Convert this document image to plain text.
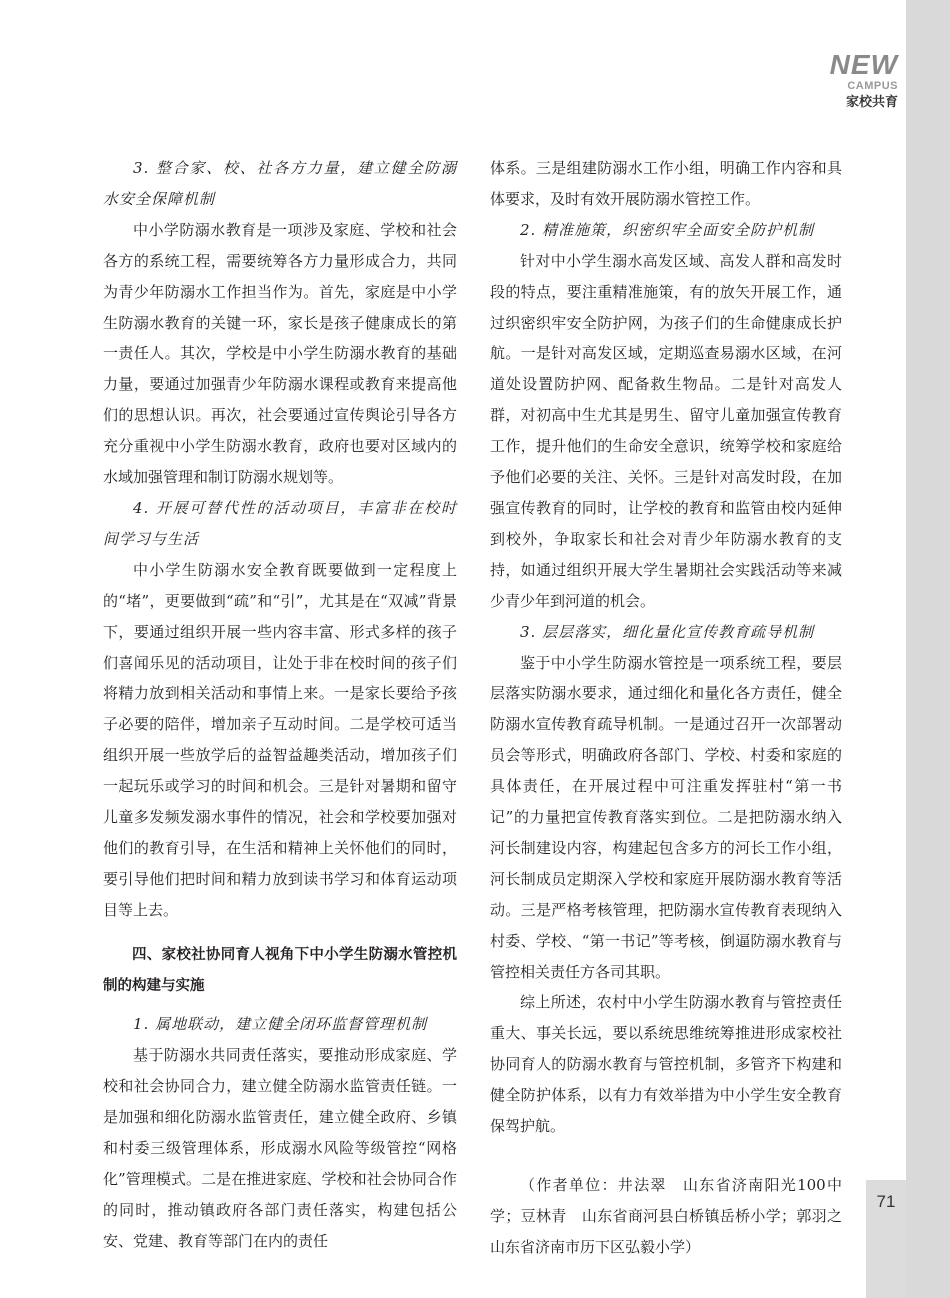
NEW
CAMPUS
家校共育

3. 整合家、校、社各方力量，建立健全防溺水安全保障机制

中小学防溺水教育是一项涉及家庭、学校和社会各方的系统工程，需要统筹各方力量形成合力，共同为青少年防溺水工作担当作为。首先，家庭是中小学生防溺水教育的关键一环，家长是孩子健康成长的第一责任人。其次，学校是中小学生防溺水教育的基础力量，要通过加强青少年防溺水课程或教育来提高他们的思想认识。再次，社会要通过宣传舆论引导各方充分重视中小学生防溺水教育，政府也要对区域内的水域加强管理和制订防溺水规划等。

4. 开展可替代性的活动项目，丰富非在校时间学习与生活

中小学生防溺水安全教育既要做到一定程度上的“堵”，更要做到“疏”和“引”，尤其是在“双减”背景下，要通过组织开展一些内容丰富、形式多样的孩子们喜闻乐见的活动项目，让处于非在校时间的孩子们将精力放到相关活动和事情上来。一是家长要给予孩子必要的陪伴，增加亲子互动时间。二是学校可适当组织开展一些放学后的益智益趣类活动，增加孩子们一起玩乐或学习的时间和机会。三是针对暑期和留守儿童多发频发溺水事件的情况，社会和学校要加强对他们的教育引导，在生活和精神上关怀他们的同时，要引导他们把时间和精力放到读书学习和体育运动项目等上去。

四、家校社协同育人视角下中小学生防溺水管控机制的构建与实施

1. 属地联动，建立健全闭环监督管理机制

基于防溺水共同责任落实，要推动形成家庭、学校和社会协同合力，建立健全防溺水监管责任链。一是加强和细化防溺水监管责任，建立健全政府、乡镇和村委三级管理体系，形成溺水风险等级管控“网格化”管理模式。二是在推进家庭、学校和社会协同合作的同时，推动镇政府各部门责任落实，构建包括公安、党建、教育等部门在内的责任

体系。三是组建防溺水工作小组，明确工作内容和具体要求，及时有效开展防溺水管控工作。

2. 精准施策，织密织牢全面安全防护机制

针对中小学生溺水高发区域、高发人群和高发时段的特点，要注重精准施策，有的放矢开展工作，通过织密织牢安全防护网，为孩子们的生命健康成长护航。一是针对高发区域，定期巡查易溺水区域，在河道处设置防护网、配备救生物品。二是针对高发人群，对初高中生尤其是男生、留守儿童加强宣传教育工作，提升他们的生命安全意识，统筹学校和家庭给予他们必要的关注、关怀。三是针对高发时段，在加强宣传教育的同时，让学校的教育和监管由校内延伸到校外，争取家长和社会对青少年防溺水教育的支持，如通过组织开展大学生暑期社会实践活动等来减少青少年到河道的机会。

3. 层层落实，细化量化宣传教育疏导机制

鉴于中小学生防溺水管控是一项系统工程，要层层落实防溺水要求，通过细化和量化各方责任，健全防溺水宣传教育疏导机制。一是通过召开一次部署动员会等形式，明确政府各部门、学校、村委和家庭的具体责任，在开展过程中可注重发挥驻村“第一书记”的力量把宣传教育落实到位。二是把防溺水纳入河长制建设内容，构建起包含多方的河长工作小组，河长制成员定期深入学校和家庭开展防溺水教育等活动。三是严格考核管理，把防溺水宣传教育表现纳入村委、学校、“第一书记”等考核，倒逼防溺水教育与管控相关责任方各司其职。

综上所述，农村中小学生防溺水教育与管控责任重大、事关长远，要以系统思维统筹推进形成家校社协同育人的防溺水教育与管控机制，多管齐下构建和健全防护体系，以有力有效举措为中小学生安全教育保驾护航。

（作者单位：井法翠　山东省济南阳光100中学；豆林青　山东省商河县白桥镇岳桥小学；郭羽之　山东省济南市历下区弘毅小学）

71
